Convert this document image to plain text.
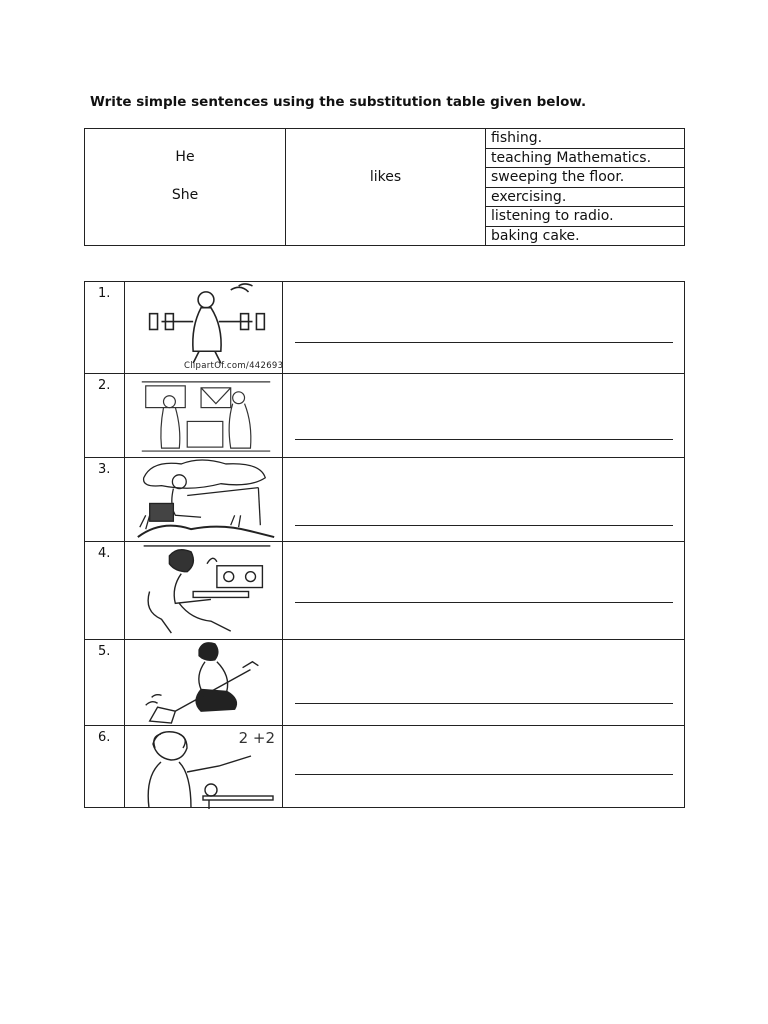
Write simple sentences using the substitution table given below.
He
She
likes
fishing.
teaching Mathematics.
sweeping the floor.
exercising.
listening to radio.
baking cake.
1.
ClipartOf.com/442693
2.
3.
4.
5.
6.	2 +2
